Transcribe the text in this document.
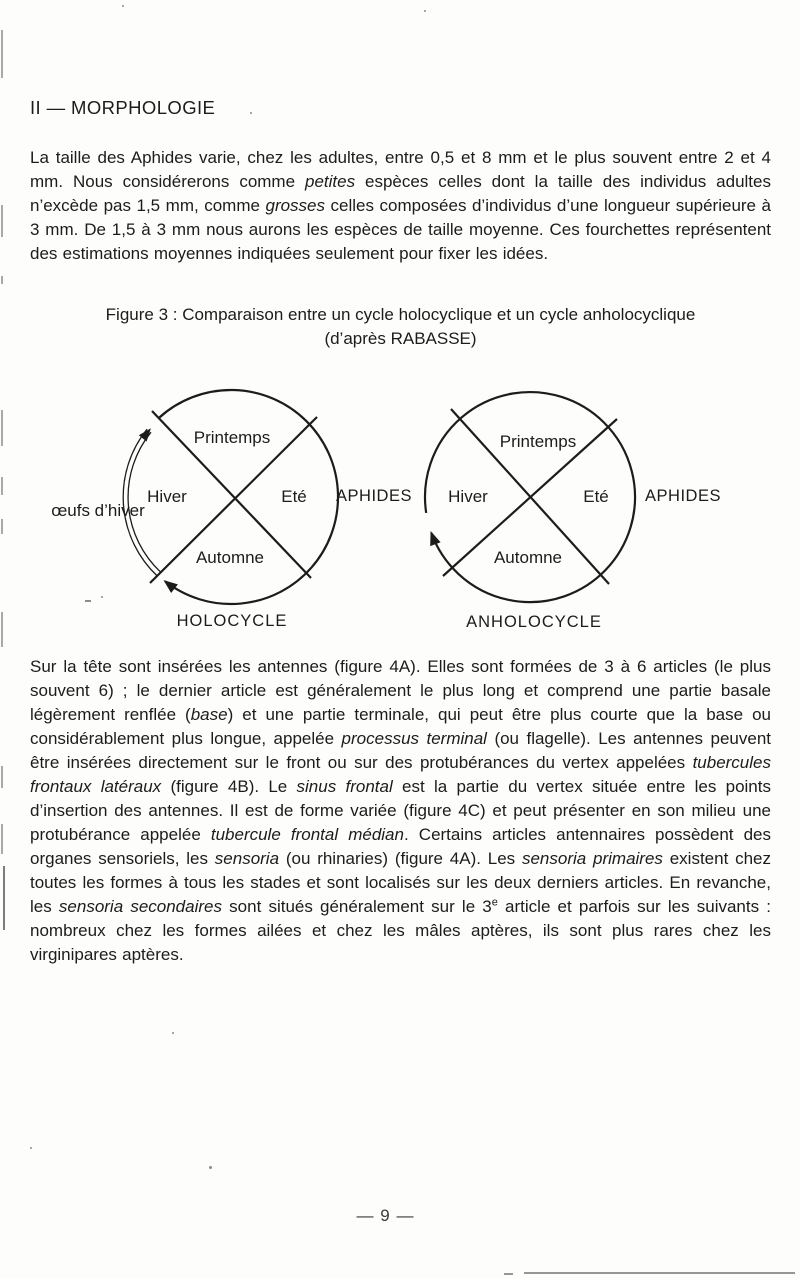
II — MORPHOLOGIE

La taille des Aphides varie, chez les adultes, entre 0,5 et 8 mm et le plus souvent entre 2 et 4 mm. Nous considérerons comme petites espèces celles dont la taille des individus adultes n’excède pas 1,5 mm, comme grosses celles composées d’individus d’une longueur supérieure à 3 mm. De 1,5 à 3 mm nous aurons les espèces de taille moyenne. Ces fourchettes représentent des estimations moyennes indiquées seulement pour fixer les idées.

Figure 3 : Comparaison entre un cycle holocyclique et un cycle anholocyclique
(d’après RABASSE)
Printemps
Hiver	Eté
Automne
APHIDES
œufs d’hiver
HOLOCYCLE
Printemps
Hiver	Eté
Automne
APHIDES
ANHOLOCYCLE

Sur la tête sont insérées les antennes (figure 4A). Elles sont formées de 3 à 6 articles (le plus souvent 6) ; le dernier article est généralement le plus long et comprend une partie basale légèrement renflée (base) et une partie terminale, qui peut être plus courte que la base ou considérablement plus longue, appelée processus terminal (ou flagelle). Les antennes peuvent être insérées directement sur le front ou sur des protubérances du vertex appelées tubercules frontaux latéraux (figure 4B). Le sinus frontal est la partie du vertex située entre les points d’insertion des antennes. Il est de forme variée (figure 4C) et peut présenter en son milieu une protubérance appelée tubercule frontal médian. Certains articles antennaires possèdent des organes sensoriels, les sensoria (ou rhinaries) (figure 4A). Les sensoria primaires existent chez toutes les formes à tous les stades et sont localisés sur les deux derniers articles. En revanche, les sensoria secondaires sont situés généralement sur le 3e article et parfois sur les suivants : nombreux chez les formes ailées et chez les mâles aptères, ils sont plus rares chez les virginipares aptères.

— 9 —
